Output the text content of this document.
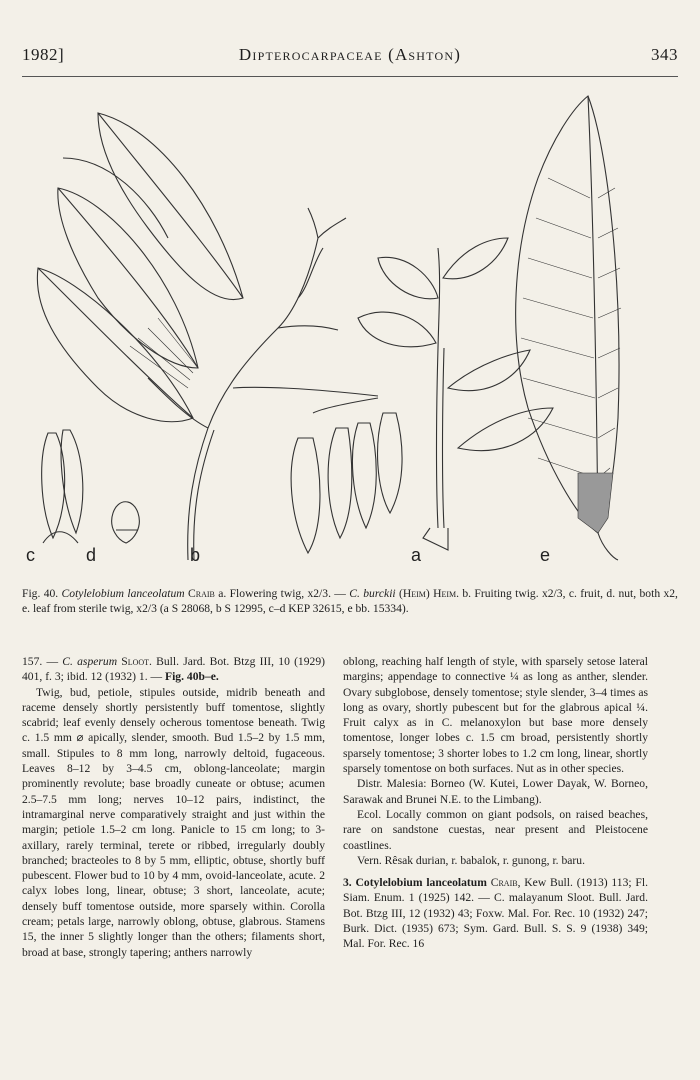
1982]	Dipterocarpaceae (Ashton)	343
c	d	b	a	e
Fig. 40. Cotylelobium lanceolatum Craib a. Flowering twig, x2/3. — C. burckii (Heim) Heim. b. Fruiting twig. x2/3, c. fruit, d. nut, both x2, e. leaf from sterile twig, x2/3 (a S 28068, b S 12995, c–d KEP 32615, e bb. 15334).

157. — C. asperum Sloot. Bull. Jard. Bot. Btzg III, 10 (1929) 401, f. 3; ibid. 12 (1932) 1. — Fig. 40b–e.

Twig, bud, petiole, stipules outside, midrib beneath and raceme densely shortly persistently buff tomentose, slightly scabrid; leaf evenly densely ocherous tomentose beneath. Twig c. 1.5 mm ⌀ apically, slender, smooth. Bud 1.5–2 by 1.5 mm, small. Stipules to 8 mm long, narrowly deltoid, fugaceous. Leaves 8–12 by 3–4.5 cm, oblong-lanceolate; margin prominently revolute; base broadly cuneate or obtuse; acumen 2.5–7.5 mm long; nerves 10–12 pairs, indistinct, the intramarginal nerve comparatively straight and just within the margin; petiole 1.5–2 cm long. Panicle to 15 cm long; to 3-axillary, rarely terminal, terete or ribbed, irregularly doubly branched; bracteoles to 8 by 5 mm, elliptic, obtuse, shortly buff pubescent. Flower bud to 10 by 4 mm, ovoid-lanceolate, acute. 2 calyx lobes long, linear, obtuse; 3 short, lanceolate, acute; densely buff tomentose outside, more sparsely within. Corolla cream; petals large, narrowly oblong, obtuse, glabrous. Stamens 15, the inner 5 slightly longer than the others; filaments short, broad at base, strongly tapering; anthers narrowly

oblong, reaching half length of style, with sparsely setose lateral margins; appendage to connective ¼ as long as anther, slender. Ovary subglobose, densely tomentose; style slender, 3–4 times as long as ovary, shortly pubescent but for the glabrous apical ¼. Fruit calyx as in C. melanoxylon but base more densely tomentose, longer lobes c. 1.5 cm broad, persistently shortly sparsely tomentose; 3 shorter lobes to 1.2 cm long, linear, shortly sparsely tomentose on both surfaces. Nut as in other species.

Distr. Malesia: Borneo (W. Kutei, Lower Dayak, W. Borneo, Sarawak and Brunei N.E. to the Limbang).

Ecol. Locally common on giant podsols, on raised beaches, rare on sandstone cuestas, near present and Pleistocene coastlines.

Vern. Rêsak durian, r. babalok, r. gunong, r. baru.

3. Cotylelobium lanceolatum Craib, Kew Bull. (1913) 113; Fl. Siam. Enum. 1 (1925) 142. — C. malayanum Sloot. Bull. Jard. Bot. Btzg III, 12 (1932) 43; Foxw. Mal. For. Rec. 10 (1932) 247; Burk. Dict. (1935) 673; Sym. Gard. Bull. S. S. 9 (1938) 349; Mal. For. Rec. 16
